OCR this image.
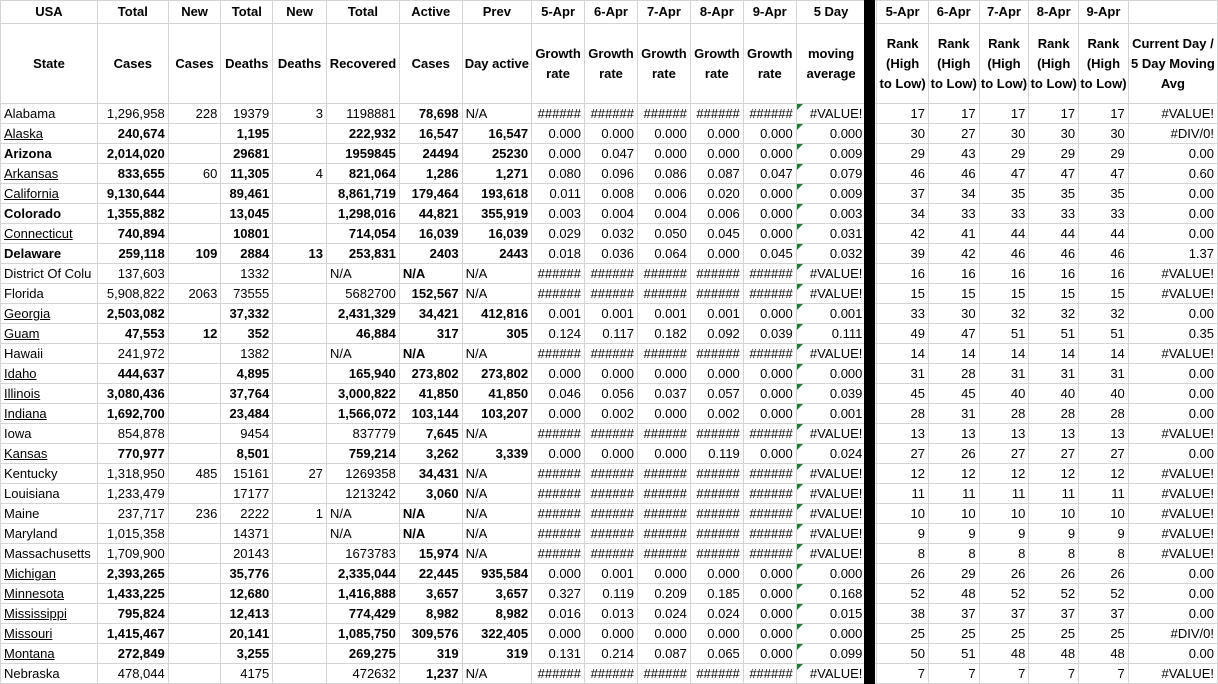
USA	Total	New	Total	New	Total	Active	Prev	5-Apr	6-Apr	7-Apr	8-Apr	9-Apr	5 Day		5-Apr	6-Apr	7-Apr	8-Apr	9-Apr	
State	Cases	Cases	Deaths	Deaths	Recovered	Cases	Day active	Growth rate	Growth rate	Growth rate	Growth rate	Growth rate	moving average		Rank (High to Low)	Rank (High to Low)	Rank (High to Low)	Rank (High to Low)	Rank (High to Low)	Current Day / 5 Day Moving Avg
Alabama	1,296,958	228	19379	3	1198881	78,698	N/A	######	######	######	######	######	#VALUE!		17	17	17	17	17	#VALUE!
Alaska	240,674		1,195		222,932	16,547	16,547	0.000	0.000	0.000	0.000	0.000	0.000		30	27	30	30	30	#DIV/0!
Arizona	2,014,020		29681		1959845	24494	25230	0.000	0.047	0.000	0.000	0.000	0.009		29	43	29	29	29	0.00
Arkansas	833,655	60	11,305	4	821,064	1,286	1,271	0.080	0.096	0.086	0.087	0.047	0.079		46	46	47	47	47	0.60
California	9,130,644		89,461		8,861,719	179,464	193,618	0.011	0.008	0.006	0.020	0.000	0.009		37	34	35	35	35	0.00
Colorado	1,355,882		13,045		1,298,016	44,821	355,919	0.003	0.004	0.004	0.006	0.000	0.003		34	33	33	33	33	0.00
Connecticut	740,894		10801		714,054	16,039	16,039	0.029	0.032	0.050	0.045	0.000	0.031		42	41	44	44	44	0.00
Delaware	259,118	109	2884	13	253,831	2403	2443	0.018	0.036	0.064	0.000	0.045	0.032		39	42	46	46	46	1.37
District Of Colu	137,603		1332		N/A	N/A	N/A	######	######	######	######	######	#VALUE!		16	16	16	16	16	#VALUE!
Florida	5,908,822	2063	73555		5682700	152,567	N/A	######	######	######	######	######	#VALUE!		15	15	15	15	15	#VALUE!
Georgia	2,503,082		37,332		2,431,329	34,421	412,816	0.001	0.001	0.001	0.001	0.000	0.001		33	30	32	32	32	0.00
Guam	47,553	12	352		46,884	317	305	0.124	0.117	0.182	0.092	0.039	0.111		49	47	51	51	51	0.35
Hawaii	241,972		1382		N/A	N/A	N/A	######	######	######	######	######	#VALUE!		14	14	14	14	14	#VALUE!
Idaho	444,637		4,895		165,940	273,802	273,802	0.000	0.000	0.000	0.000	0.000	0.000		31	28	31	31	31	0.00
Illinois	3,080,436		37,764		3,000,822	41,850	41,850	0.046	0.056	0.037	0.057	0.000	0.039		45	45	40	40	40	0.00
Indiana	1,692,700		23,484		1,566,072	103,144	103,207	0.000	0.002	0.000	0.002	0.000	0.001		28	31	28	28	28	0.00
Iowa	854,878		9454		837779	7,645	N/A	######	######	######	######	######	#VALUE!		13	13	13	13	13	#VALUE!
Kansas	770,977		8,501		759,214	3,262	3,339	0.000	0.000	0.000	0.119	0.000	0.024		27	26	27	27	27	0.00
Kentucky	1,318,950	485	15161	27	1269358	34,431	N/A	######	######	######	######	######	#VALUE!		12	12	12	12	12	#VALUE!
Louisiana	1,233,479		17177		1213242	3,060	N/A	######	######	######	######	######	#VALUE!		11	11	11	11	11	#VALUE!
Maine	237,717	236	2222	1	N/A	N/A	N/A	######	######	######	######	######	#VALUE!		10	10	10	10	10	#VALUE!
Maryland	1,015,358		14371		N/A	N/A	N/A	######	######	######	######	######	#VALUE!		9	9	9	9	9	#VALUE!
Massachusetts	1,709,900		20143		1673783	15,974	N/A	######	######	######	######	######	#VALUE!		8	8	8	8	8	#VALUE!
Michigan	2,393,265		35,776		2,335,044	22,445	935,584	0.000	0.001	0.000	0.000	0.000	0.000		26	29	26	26	26	0.00
Minnesota	1,433,225		12,680		1,416,888	3,657	3,657	0.327	0.119	0.209	0.185	0.000	0.168		52	48	52	52	52	0.00
Mississippi	795,824		12,413		774,429	8,982	8,982	0.016	0.013	0.024	0.024	0.000	0.015		38	37	37	37	37	0.00
Missouri	1,415,467		20,141		1,085,750	309,576	322,405	0.000	0.000	0.000	0.000	0.000	0.000		25	25	25	25	25	#DIV/0!
Montana	272,849		3,255		269,275	319	319	0.131	0.214	0.087	0.065	0.000	0.099		50	51	48	48	48	0.00
Nebraska	478,044		4175		472632	1,237	N/A	######	######	######	######	######	#VALUE!		7	7	7	7	7	#VALUE!
